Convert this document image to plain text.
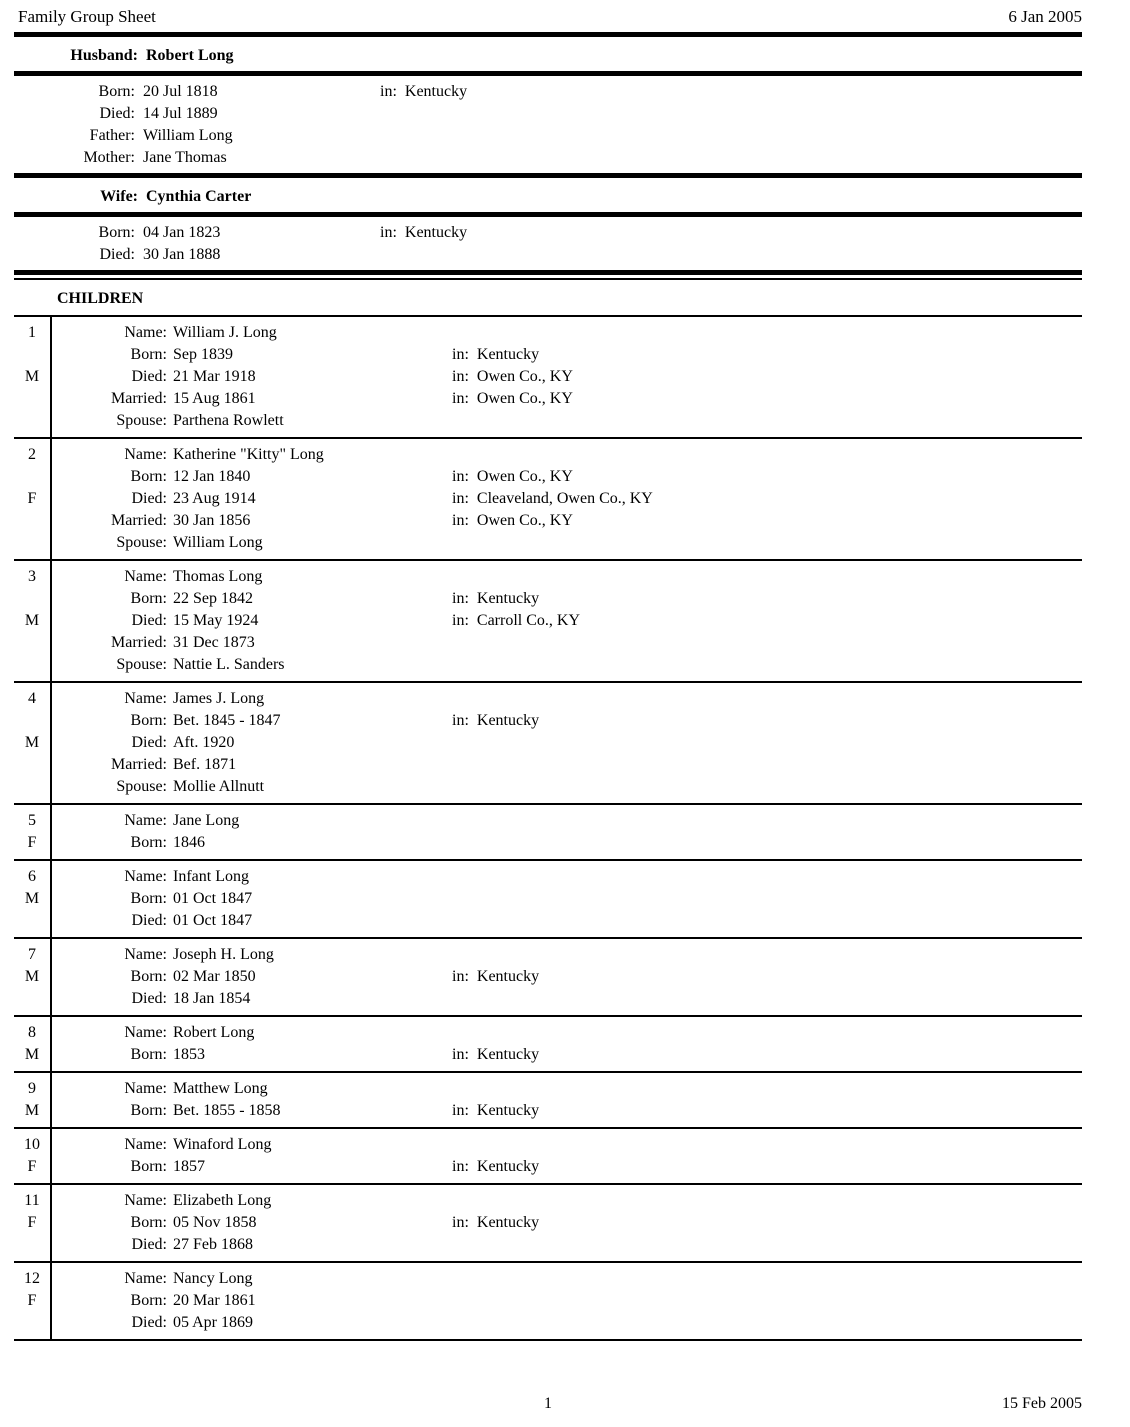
Family Group Sheet	6 Jan 2005
Husband: Robert Long
Born: 20 Jul 1818	in: Kentucky
Died: 14 Jul 1889
Father: William Long
Mother: Jane Thomas
Wife: Cynthia Carter
Born: 04 Jan 1823	in: Kentucky
Died: 30 Jan 1888
CHILDREN
1
M
Name: William J. Long
Born: Sep 1839	in: Kentucky
Died: 21 Mar 1918	in: Owen Co., KY
Married: 15 Aug 1861	in: Owen Co., KY
Spouse: Parthena Rowlett
2
F
Name: Katherine "Kitty" Long
Born: 12 Jan 1840	in: Owen Co., KY
Died: 23 Aug 1914	in: Cleaveland, Owen Co., KY
Married: 30 Jan 1856	in: Owen Co., KY
Spouse: William Long
3
M
Name: Thomas Long
Born: 22 Sep 1842	in: Kentucky
Died: 15 May 1924	in: Carroll Co., KY
Married: 31 Dec 1873
Spouse: Nattie L. Sanders
4
M
Name: James J. Long
Born: Bet. 1845 - 1847	in: Kentucky
Died: Aft. 1920
Married: Bef. 1871
Spouse: Mollie Allnutt
5
F
Name: Jane Long
Born: 1846
6
M
Name: Infant Long
Born: 01 Oct 1847
Died: 01 Oct 1847
7
M
Name: Joseph H. Long
Born: 02 Mar 1850	in: Kentucky
Died: 18 Jan 1854
8
M
Name: Robert Long
Born: 1853	in: Kentucky
9
M
Name: Matthew Long
Born: Bet. 1855 - 1858	in: Kentucky
10
F
Name: Winaford Long
Born: 1857	in: Kentucky
11
F
Name: Elizabeth Long
Born: 05 Nov 1858	in: Kentucky
Died: 27 Feb 1868
12
F
Name: Nancy Long
Born: 20 Mar 1861
Died: 05 Apr 1869
1	15 Feb 2005
